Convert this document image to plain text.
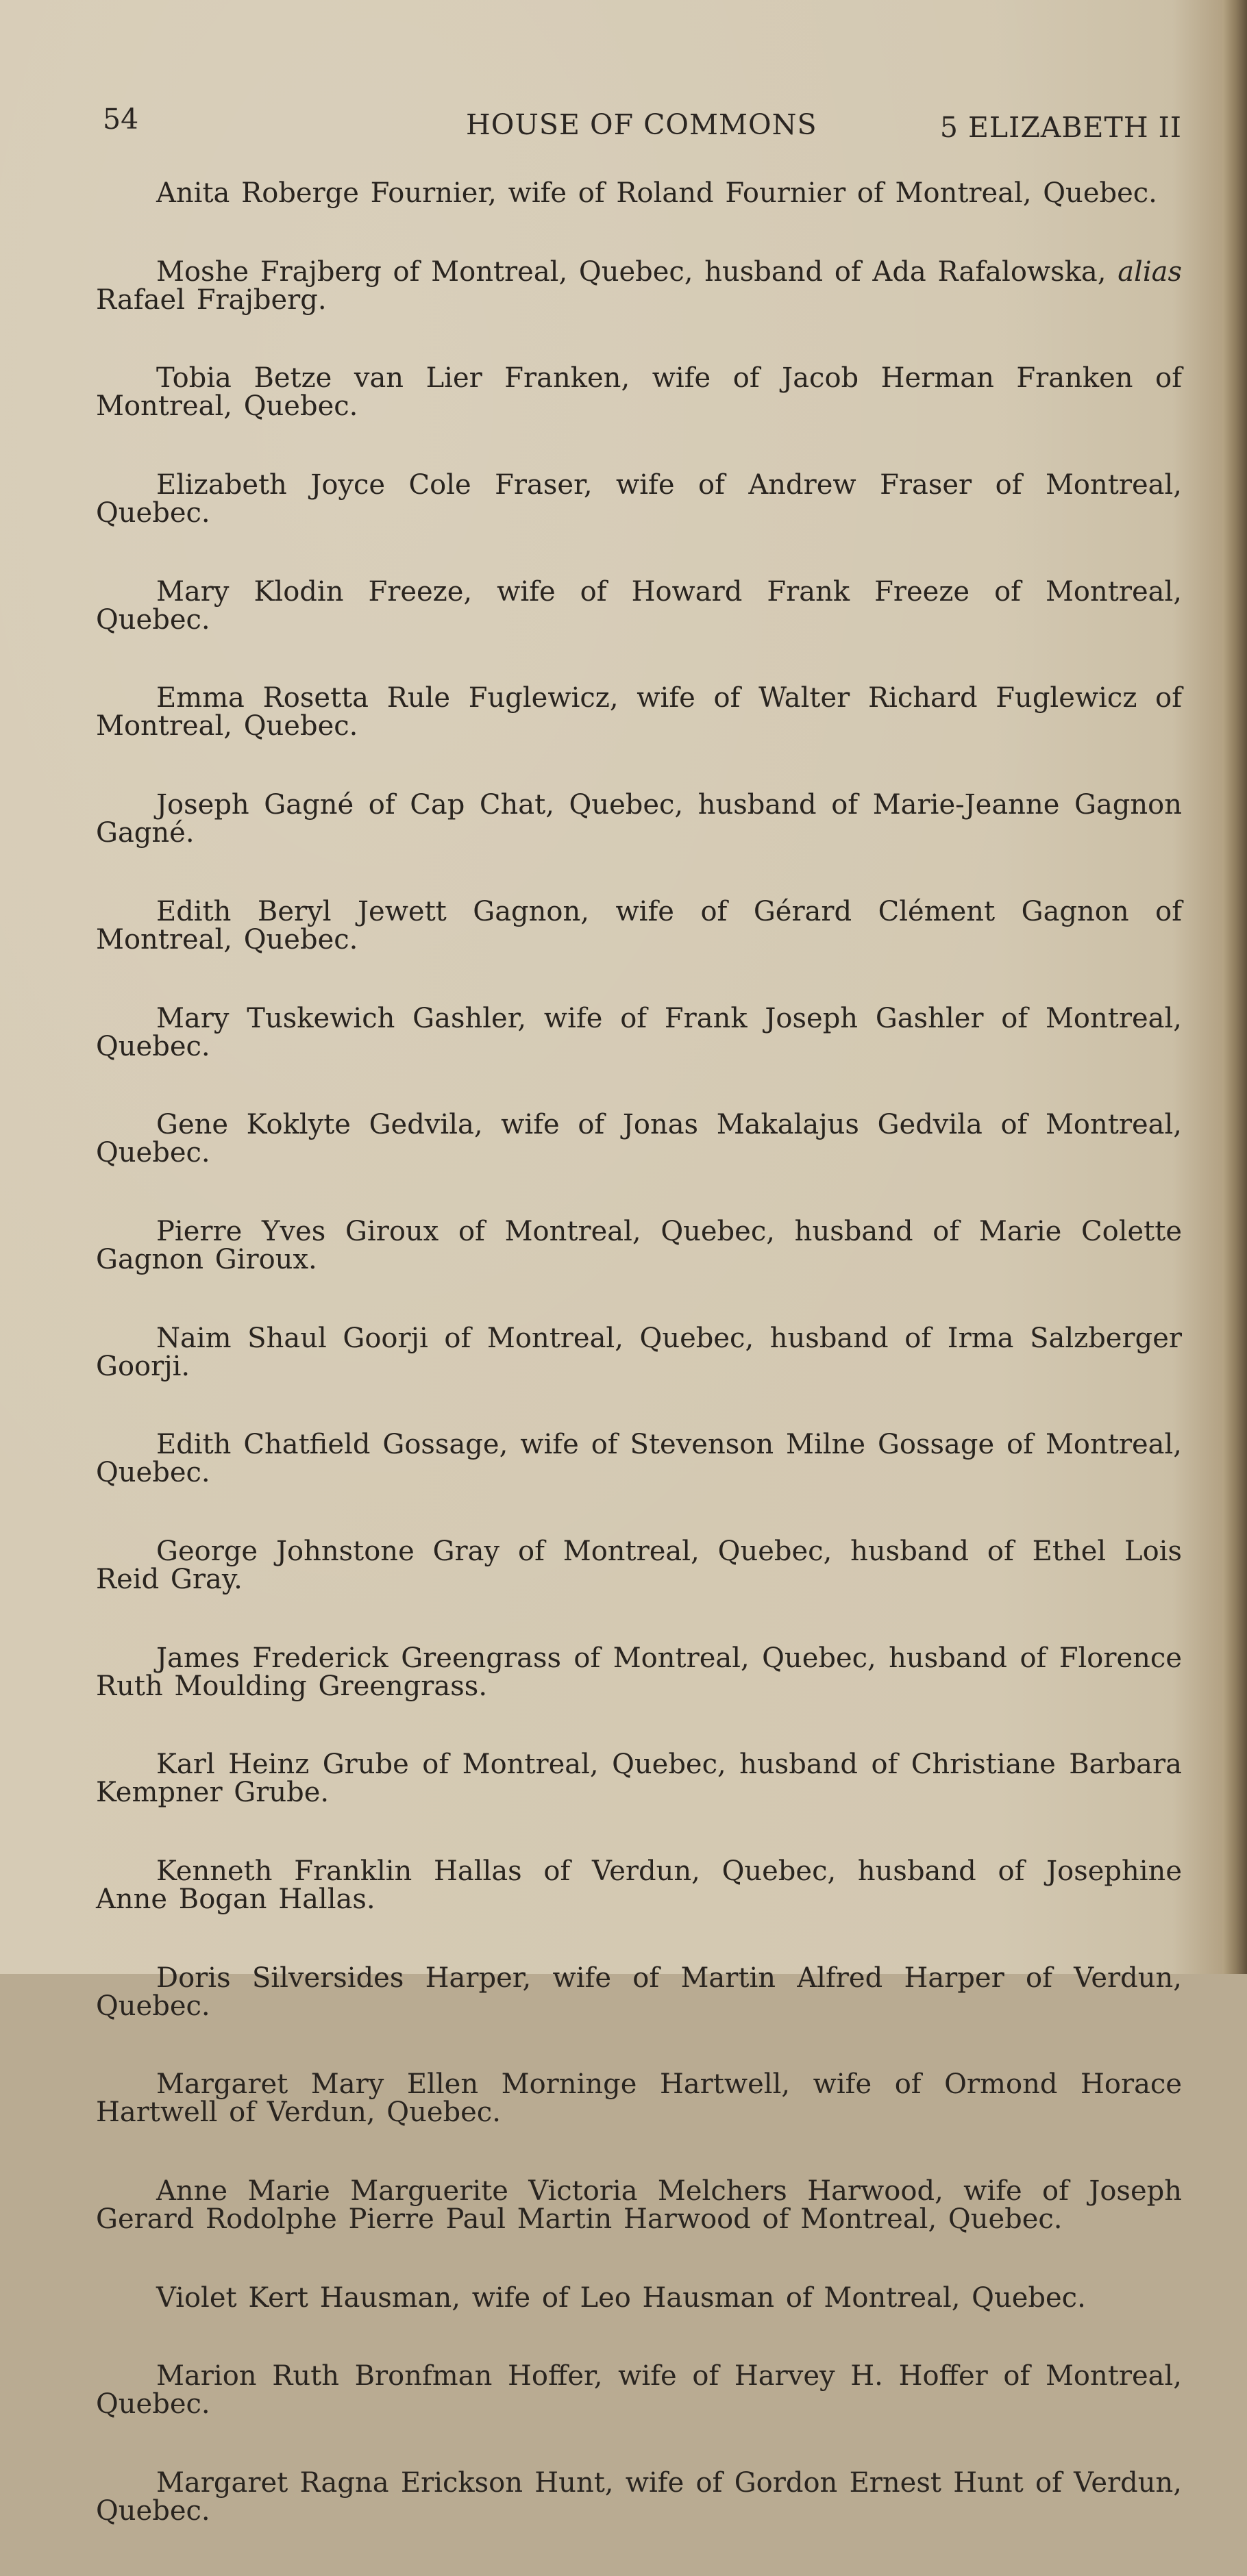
54	HOUSE OF COMMONS	5 ELIZABETH II

Anita Roberge Fournier, wife of Roland Fournier of Montreal, Quebec.

Moshe Frajberg of Montreal, Quebec, husband of Ada Rafalowska, alias Rafael Frajberg.

Tobia Betze van Lier Franken, wife of Jacob Herman Franken of Montreal, Quebec.

Elizabeth Joyce Cole Fraser, wife of Andrew Fraser of Montreal, Quebec.

Mary Klodin Freeze, wife of Howard Frank Freeze of Montreal, Quebec.

Emma Rosetta Rule Fuglewicz, wife of Walter Richard Fuglewicz of Montreal, Quebec.

Joseph Gagné of Cap Chat, Quebec, husband of Marie-Jeanne Gagnon Gagné.

Edith Beryl Jewett Gagnon, wife of Gérard Clément Gagnon of Montreal, Quebec.

Mary Tuskewich Gashler, wife of Frank Joseph Gashler of Montreal, Quebec.

Gene Koklyte Gedvila, wife of Jonas Makalajus Gedvila of Montreal, Quebec.

Pierre Yves Giroux of Montreal, Quebec, husband of Marie Colette Gagnon Giroux.

Naim Shaul Goorji of Montreal, Quebec, husband of Irma Salzberger Goorji.

Edith Chatfield Gossage, wife of Stevenson Milne Gossage of Montreal, Quebec.

George Johnstone Gray of Montreal, Quebec, husband of Ethel Lois Reid Gray.

James Frederick Greengrass of Montreal, Quebec, husband of Florence Ruth Moulding Greengrass.

Karl Heinz Grube of Montreal, Quebec, husband of Christiane Barbara Kempner Grube.

Kenneth Franklin Hallas of Verdun, Quebec, husband of Josephine Anne Bogan Hallas.

Doris Silversides Harper, wife of Martin Alfred Harper of Verdun, Quebec.

Margaret Mary Ellen Morninge Hartwell, wife of Ormond Horace Hartwell of Verdun, Quebec.

Anne Marie Marguerite Victoria Melchers Harwood, wife of Joseph Gerard Rodolphe Pierre Paul Martin Harwood of Montreal, Quebec.

Violet Kert Hausman, wife of Leo Hausman of Montreal, Quebec.

Marion Ruth Bronfman Hoffer, wife of Harvey H. Hoffer of Montreal, Quebec.

Margaret Ragna Erickson Hunt, wife of Gordon Ernest Hunt of Verdun, Quebec.
